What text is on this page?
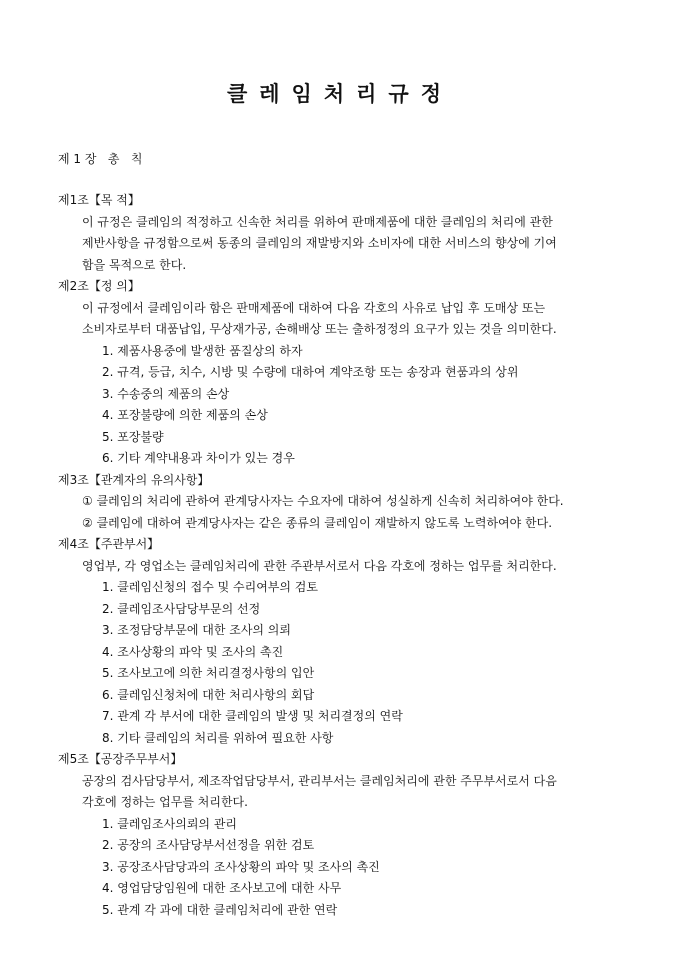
클레임처리규정
제 1 장   총   칙
제1조【목 적】
이 규정은 클레임의 적정하고 신속한 처리를 위하여 판매제품에 대한 클레임의 처리에 관한
제반사항을 규정함으로써 동종의 클레임의 재발방지와 소비자에 대한 서비스의 향상에 기여
함을 목적으로 한다.
제2조【정 의】
이 규정에서 클레임이라 함은 판매제품에 대하여 다음 각호의 사유로 납입 후 도매상 또는
소비자로부터 대품납입, 무상재가공, 손해배상 또는 출하정정의 요구가 있는 것을 의미한다.
1. 제품사용중에 발생한 품질상의 하자
2. 규격, 등급, 치수, 시방 및 수량에 대하여 계약조항 또는 송장과 현품과의 상위
3. 수송중의 제품의 손상
4. 포장불량에 의한 제품의 손상
5. 포장불량
6. 기타 계약내용과 차이가 있는 경우
제3조【관계자의 유의사항】
① 클레임의 처리에 관하여 관계당사자는 수요자에 대하여 성실하게 신속히 처리하여야 한다.
② 클레임에 대하여 관계당사자는 같은 종류의 클레임이 재발하지 않도록 노력하여야 한다.
제4조【주관부서】
영업부, 각 영업소는 클레임처리에 관한 주관부서로서 다음 각호에 정하는 업무를 처리한다.
1. 클레임신청의 접수 및 수리여부의 검토
2. 클레임조사담당부문의 선정
3. 조정담당부문에 대한 조사의 의뢰
4. 조사상황의 파악 및 조사의 촉진
5. 조사보고에 의한 처리결정사항의 입안
6. 클레임신청처에 대한 처리사항의 회답
7. 관계 각 부서에 대한 클레임의 발생 및 처리결정의 연락
8. 기타 클레임의 처리를 위하여 필요한 사항
제5조【공장주무부서】
공장의 검사담당부서, 제조작업담당부서, 관리부서는 클레임처리에 관한 주무부서로서 다음
각호에 정하는 업무를 처리한다.
1. 클레임조사의뢰의 관리
2. 공장의 조사담당부서선정을 위한 검토
3. 공장조사담당과의 조사상황의 파악 및 조사의 촉진
4. 영업담당임원에 대한 조사보고에 대한 사무
5. 관계 각 과에 대한 클레임처리에 관한 연락
